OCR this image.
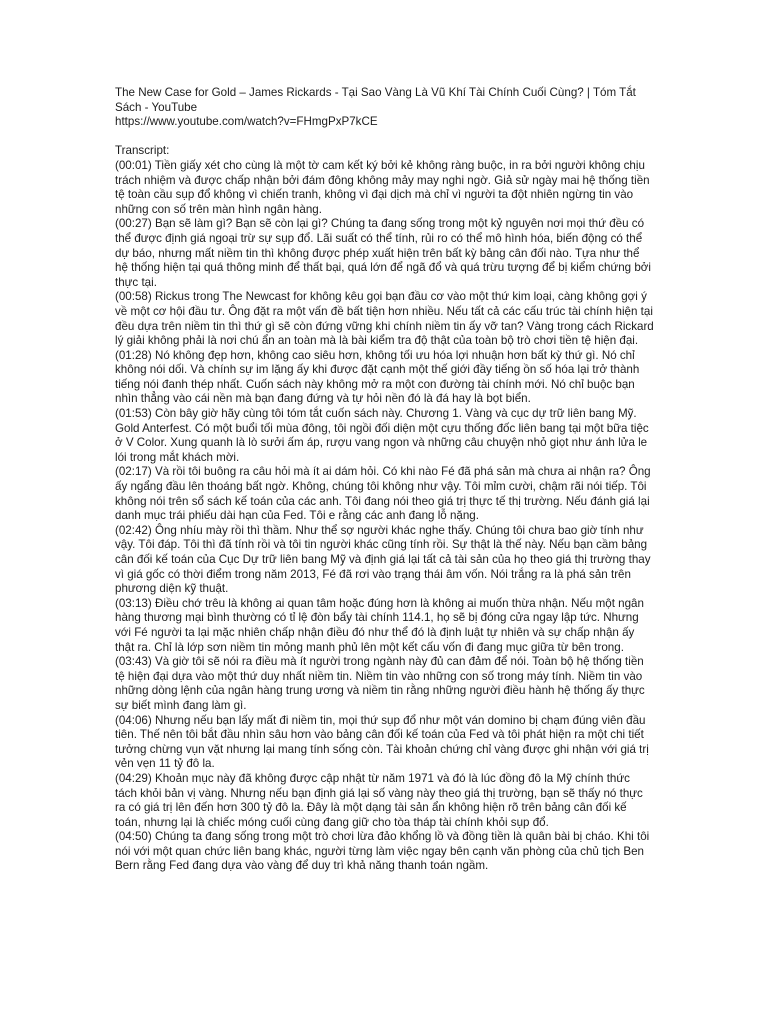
The New Case for Gold – James Rickards - Tại Sao Vàng Là Vũ Khí Tài Chính Cuối Cùng? | Tóm Tắt Sách - YouTube

https://www.youtube.com/watch?v=FHmgPxP7kCE

Transcript:

(00:01) Tiền giấy xét cho cùng là một tờ cam kết ký bởi kẻ không ràng buộc, in ra bởi người không chịu trách nhiệm và được chấp nhận bởi đám đông không mảy may nghi ngờ. Giả sử ngày mai hệ thống tiền tệ toàn cầu sụp đổ không vì chiến tranh, không vì đại dịch mà chỉ vì người ta đột nhiên ngừng tin vào những con số trên màn hình ngân hàng.

(00:27) Bạn sẽ làm gì? Bạn sẽ còn lại gì? Chúng ta đang sống trong một kỷ nguyên nơi mọi thứ đều có thể được định giá ngoại trừ sự sụp đổ. Lãi suất có thể tính, rủi ro có thể mô hình hóa, biến động có thể dự báo, nhưng mất niềm tin thì không được phép xuất hiện trên bất kỳ bảng cân đối nào. Tựa như thể hệ thống hiện tại quá thông minh để thất bại, quá lớn để ngã đổ và quá trừu tượng để bị kiểm chứng bởi thực tại.

(00:58) Rickus trong The Newcast for không kêu gọi bạn đầu cơ vào một thứ kim loại, càng không gợi ý về một cơ hội đầu tư. Ông đặt ra một vấn đề bất tiện hơn nhiều. Nếu tất cả các cấu trúc tài chính hiện tại đều dựa trên niềm tin thì thứ gì sẽ còn đứng vững khi chính niềm tin ấy vỡ tan? Vàng trong cách Rickard lý giải không phải là nơi chú ẩn an toàn mà là bài kiểm tra độ thật của toàn bộ trò chơi tiền tệ hiện đại.

(01:28) Nó không đẹp hơn, không cao siêu hơn, không tối ưu hóa lợi nhuận hơn bất kỳ thứ gì. Nó chỉ không nói dối. Và chính sự im lặng ấy khi được đặt cạnh một thế giới đầy tiếng ồn số hóa lại trở thành tiếng nói đanh thép nhất. Cuốn sách này không mở ra một con đường tài chính mới. Nó chỉ buộc bạn nhìn thẳng vào cái nền mà bạn đang đứng và tự hỏi nền đó là đá hay là bọt biển.

(01:53) Còn bây giờ hãy cùng tôi tóm tắt cuốn sách này. Chương 1. Vàng và cục dự trữ liên bang Mỹ. Gold Anterfest. Có một buổi tối mùa đông, tôi ngồi đối diện một cựu thống đốc liên bang tại một bữa tiệc ở V Color. Xung quanh là lò sưởi ấm áp, rượu vang ngon và những câu chuyện nhỏ giọt như ánh lửa le lói trong mắt khách mời.

(02:17) Và rồi tôi buông ra câu hỏi mà ít ai dám hỏi. Có khi nào Fé đã phá sản mà chưa ai nhận ra? Ông ấy ngẩng đầu lên thoáng bất ngờ. Không, chúng tôi không như vậy. Tôi mỉm cười, chậm rãi nói tiếp. Tôi không nói trên sổ sách kế toán của các anh. Tôi đang nói theo giá trị thực tế thị trường. Nếu đánh giá lại danh mục trái phiếu dài hạn của Fed. Tôi e rằng các anh đang lỗ nặng.

(02:42) Ông nhíu mày rồi thì thầm. Như thể sợ người khác nghe thấy. Chúng tôi chưa bao giờ tính như vậy. Tôi đáp. Tôi thì đã tính rồi và tôi tin người khác cũng tính rồi. Sự thật là thế này. Nếu bạn cầm bảng cân đối kế toán của Cục Dự trữ liên bang Mỹ và định giá lại tất cả tài sản của họ theo giá thị trường thay vì giá gốc có thời điểm trong năm 2013, Fé đã rơi vào trạng thái âm vốn. Nói trắng ra là phá sản trên phương diện kỹ thuật.

(03:13) Điều chớ trêu là không ai quan tâm hoặc đúng hơn là không ai muốn thừa nhận. Nếu một ngân hàng thương mại bình thường có tỉ lệ đòn bẩy tài chính 114.1, họ sẽ bị đóng cửa ngay lập tức. Nhưng với Fé người ta lại mặc nhiên chấp nhận điều đó như thể đó là định luật tự nhiên và sự chấp nhận ấy thật ra. Chỉ là lớp sơn niềm tin mỏng manh phủ lên một kết cấu vốn đi đang mục giữa từ bên trong.

(03:43) Và giờ tôi sẽ nói ra điều mà ít người trong ngành này đủ can đảm để nói. Toàn bộ hệ thống tiền tệ hiện đại dựa vào một thứ duy nhất niềm tin. Niềm tin vào những con số trong máy tính. Niềm tin vào những dòng lệnh của ngân hàng trung ương và niềm tin rằng những người điều hành hệ thống ấy thực sự biết mình đang làm gì.

(04:06) Nhưng nếu bạn lấy mất đi niềm tin, mọi thứ sụp đổ như một ván domino bị chạm đúng viên đầu tiên. Thế nên tôi bắt đầu nhìn sâu hơn vào bảng cân đối kế toán của Fed và tôi phát hiện ra một chi tiết tưởng chừng vụn vặt nhưng lại mang tính sống còn. Tài khoản chứng chỉ vàng được ghi nhận với giá trị vẻn vẹn 11 tỷ đô la.

(04:29) Khoản mục này đã không được cập nhật từ năm 1971 và đó là lúc đồng đô la Mỹ chính thức tách khỏi bản vị vàng. Nhưng nếu bạn định giá lại số vàng này theo giá thị trường, bạn sẽ thấy nó thực ra có giá trị lên đến hơn 300 tỷ đô la. Đây là một dạng tài sản ẩn không hiện rõ trên bảng cân đối kế toán, nhưng lại là chiếc móng cuối cùng đang giữ cho tòa tháp tài chính khỏi sụp đổ.

(04:50) Chúng ta đang sống trong một trò chơi lừa đảo khổng lồ và đồng tiền là quân bài bị cháo. Khi tôi nói với một quan chức liên bang khác, người từng làm việc ngay bên cạnh văn phòng của chủ tịch Ben Bern rằng Fed đang dựa vào vàng để duy trì khả năng thanh toán ngầm.
